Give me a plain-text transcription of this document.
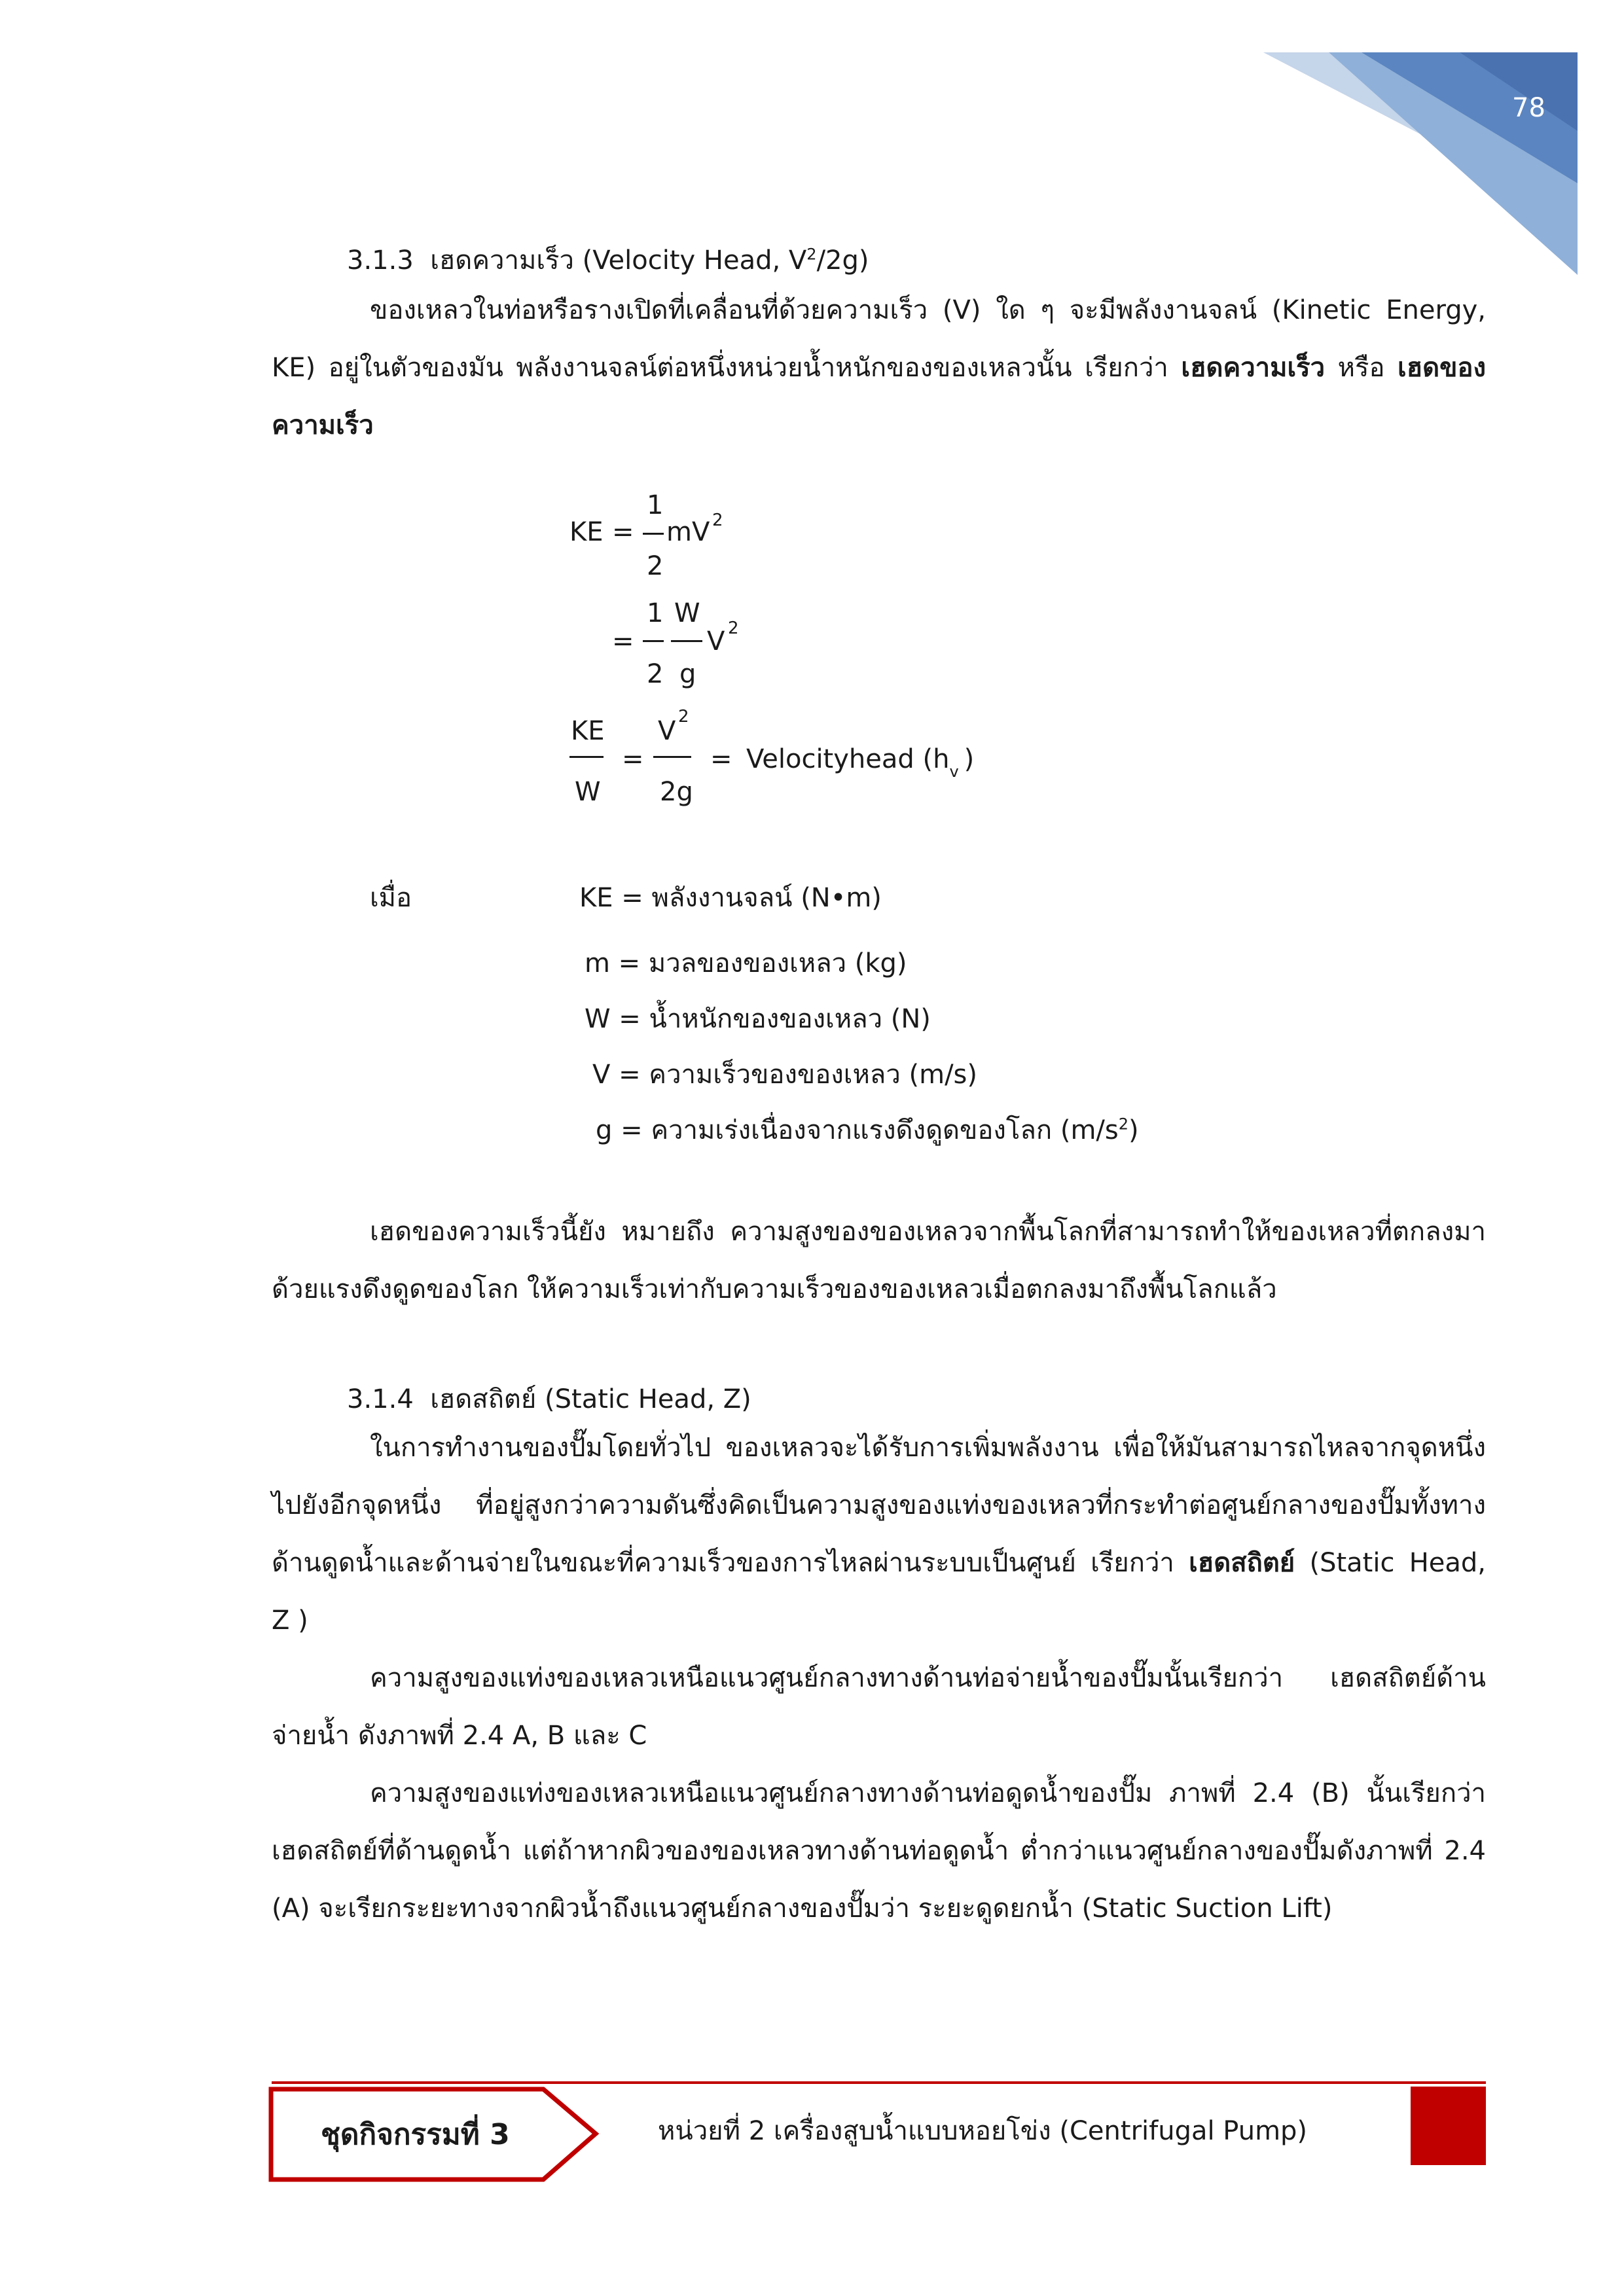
78
3.1.3 เฮดความเร็ว (Velocity Head, $V^2/2g$)
ของเหลวในท่อหรือรางเปิดที่เคลื่อนที่ด้วยความเร็ว (V) ใด ๆ จะมีพลังงานจลน์ (Kinetic Energy, KE) อยู่ในตัวของมัน พลังงานจลน์ต่อหนึ่งหน่วยน้ำหนักของของเหลวนั้น เรียกว่า เฮดความเร็ว หรือ เฮดของความเร็ว
KE =
1
2
mV 2
=
1
2
W
g
V 2
KE
W
=
V 2
2g
= Velocityhead ($h_v$ )
เมื่อ	KE = พลังงานจลน์ (N•m)
m = มวลของของเหลว (kg)
W = น้ำหนักของของเหลว (N)
V = ความเร็วของของเหลว (m/s)
g = ความเร่งเนื่องจากแรงดึงดูดของโลก $(m/s^2)$
เฮดของความเร็วนี้ยัง หมายถึง ความสูงของของเหลวจากพื้นโลกที่สามารถทำให้ของเหลวที่ตกลงมาด้วยแรงดึงดูดของโลก ให้ความเร็วเท่ากับความเร็วของของเหลวเมื่อตกลงมาถึงพื้นโลกแล้ว
3.1.4 เฮดสถิตย์ (Static Head, Z)
ในการทำงานของปั๊มโดยทั่วไป ของเหลวจะได้รับการเพิ่มพลังงาน เพื่อให้มันสามารถไหลจากจุดหนึ่งไปยังอีกจุดหนึ่ง ที่อยู่สูงกว่าความดันซึ่งคิดเป็นความสูงของแท่งของเหลวที่กระทำต่อศูนย์กลางของปั๊มทั้งทางด้านดูดน้ำและด้านจ่ายในขณะที่ความเร็วของการไหลผ่านระบบเป็นศูนย์ เรียกว่า เฮดสถิตย์ (Static Head, Z )
ความสูงของแท่งของเหลวเหนือแนวศูนย์กลางทางด้านท่อจ่ายน้ำของปั๊มนั้นเรียกว่า เฮดสถิตย์ด้านจ่ายน้ำ ดังภาพที่ 2.4 A, B และ C
ความสูงของแท่งของเหลวเหนือแนวศูนย์กลางทางด้านท่อดูดน้ำของปั๊ม ภาพที่ 2.4 (B) นั้นเรียกว่า เฮดสถิตย์ที่ด้านดูดน้ำ แต่ถ้าหากผิวของของเหลวทางด้านท่อดูดน้ำ ต่ำกว่าแนวศูนย์กลางของปั๊มดังภาพที่ 2.4 (A) จะเรียกระยะทางจากผิวน้ำถึงแนวศูนย์กลางของปั๊มว่า ระยะดูดยกน้ำ (Static Suction Lift)
ชุดกิจกรรมที่ 3	หน่วยที่ 2 เครื่องสูบน้ำแบบหอยโข่ง (Centrifugal Pump)
